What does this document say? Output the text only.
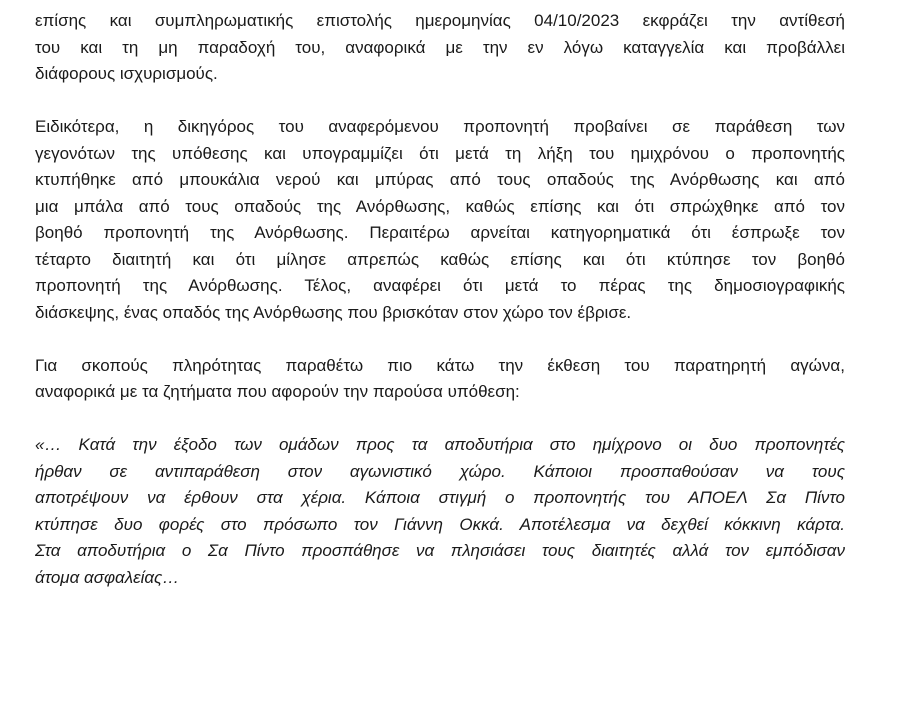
επίσης και συμπληρωματικής επιστολής ημερομηνίας 04/10/2023 εκφράζει την αντίθεσή
του και τη μη παραδοχή του, αναφορικά με την εν λόγω καταγγελία και προβάλλει
διάφορους ισχυρισμούς.

Ειδικότερα, η δικηγόρος του αναφερόμενου προπονητή προβαίνει σε παράθεση των
γεγονότων της υπόθεσης και υπογραμμίζει ότι μετά τη λήξη του ημιχρόνου ο προπονητής
κτυπήθηκε από μπουκάλια νερού και μπύρας από τους οπαδούς της Ανόρθωσης και από
μια μπάλα από τους οπαδούς της Ανόρθωσης, καθώς επίσης και ότι σπρώχθηκε από τον
βοηθό προπονητή της Ανόρθωσης. Περαιτέρω αρνείται κατηγορηματικά ότι έσπρωξε τον
τέταρτο διαιτητή και ότι μίλησε απρεπώς καθώς επίσης και ότι κτύπησε τον βοηθό
προπονητή της Ανόρθωσης. Τέλος, αναφέρει ότι μετά το πέρας της δημοσιογραφικής
διάσκεψης, ένας οπαδός της Ανόρθωσης που βρισκόταν στον χώρο τον έβρισε.

Για σκοπούς πληρότητας παραθέτω πιο κάτω την έκθεση του παρατηρητή αγώνα,
αναφορικά με τα ζητήματα που αφορούν την παρούσα υπόθεση:

«… Κατά την έξοδο των ομάδων προς τα αποδυτήρια στο ημίχρονο οι δυο προπονητές
ήρθαν σε αντιπαράθεση στον αγωνιστικό χώρο. Κάποιοι προσπαθούσαν να τους
αποτρέψουν να έρθουν στα χέρια. Κάποια στιγμή ο προπονητής του ΑΠΟΕΛ Σα Πίντο
κτύπησε δυο φορές στο πρόσωπο τον Γιάννη Οκκά. Αποτέλεσμα να δεχθεί κόκκινη κάρτα.
Στα αποδυτήρια ο Σα Πίντο προσπάθησε να πλησιάσει τους διαιτητές αλλά τον εμπόδισαν
άτομα ασφαλείας…
